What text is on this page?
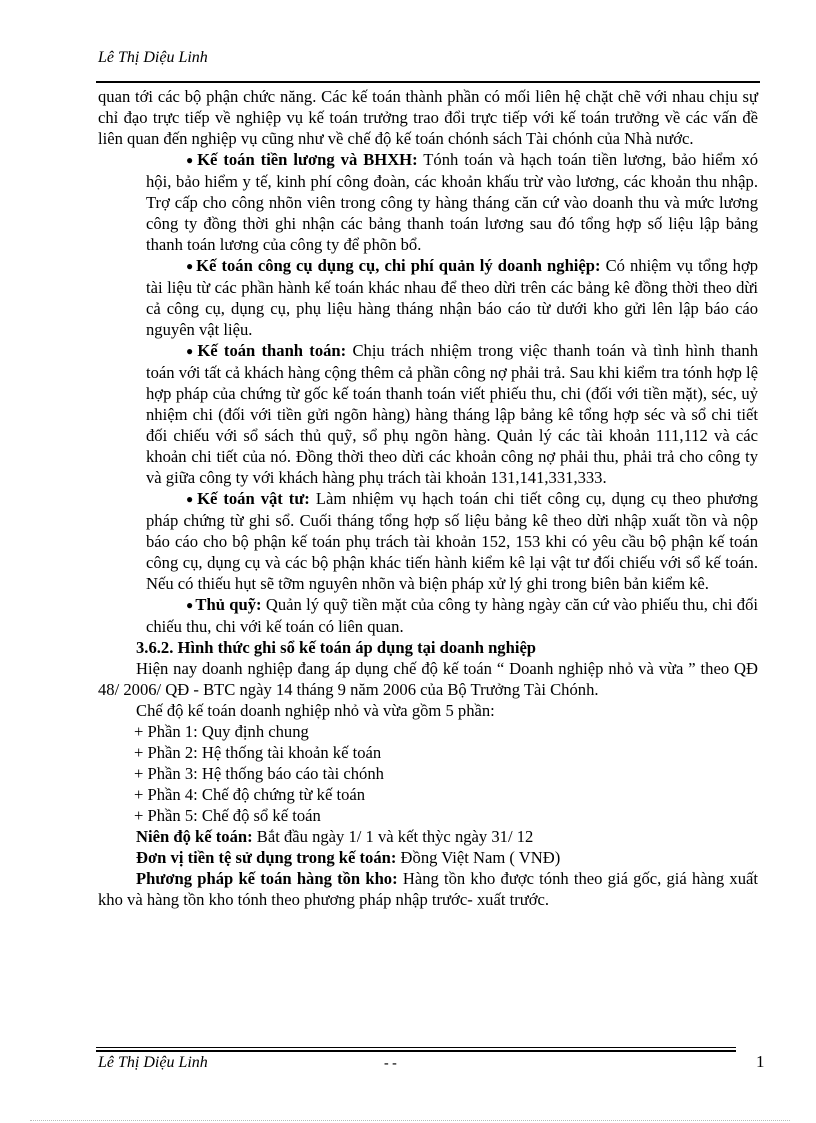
Lê Thị Diệu Linh

quan tới các bộ phận chức năng. Các kế toán thành phần có mối liên hệ chặt chẽ với nhau chịu sự chỉ đạo trực tiếp về nghiệp vụ kế toán trưởng trao đổi trực tiếp với kế toán trưởng về các vấn đề liên quan đến nghiệp vụ cũng như về chế độ kế toán chónh sách Tài chónh của Nhà nước.

● Kế toán tiền lương và BHXH: Tónh toán và hạch toán tiền lương, bảo hiểm xó hội, bảo hiểm y tế, kinh phí công đoàn, các khoản khấu trừ vào lương, các khoản thu nhập. Trợ cấp cho công nhõn viên trong công ty hàng tháng căn cứ vào doanh thu và mức lương công ty đồng thời ghi nhận các bảng thanh toán lương sau đó tổng hợp số liệu lập bảng thanh toán lương của công ty để phõn bổ.

● Kế toán công cụ dụng cụ, chi phí quản lý doanh nghiệp: Có nhiệm vụ tổng hợp tài liệu từ các phần hành kế toán khác nhau để theo dừi trên các bảng kê đồng thời theo dừi cả công cụ, dụng cụ, phụ liệu hàng tháng nhận báo cáo từ dưới kho gửi lên lập báo cáo nguyên vật liệu.

● Kế toán thanh toán: Chịu trách nhiệm trong việc thanh toán và tình hình thanh toán với tất cả khách hàng cộng thêm cả phần công nợ phải trả. Sau khi kiểm tra tónh hợp lệ hợp pháp của chứng từ gốc kế toán thanh toán viết phiếu thu, chi (đối với tiền mặt), séc, uỷ nhiệm chi (đối với tiền gửi ngõn hàng) hàng tháng lập bảng kê tổng hợp séc và sổ chi tiết đối chiếu với sổ sách thủ quỹ, sổ phụ ngõn hàng. Quản lý các tài khoản 111,112 và các khoản chi tiết của nó. Đồng thời theo dừi các khoản công nợ phải thu, phải trả cho công ty và giữa công ty với khách hàng phụ trách tài khoản 131,141,331,333.

● Kế toán vật tư: Làm nhiệm vụ hạch toán chi tiết công cụ, dụng cụ theo phương pháp chứng từ ghi sổ. Cuối tháng tổng hợp số liệu bảng kê theo dừi nhập xuất tồn và nộp báo cáo cho bộ phận kế toán phụ trách tài khoản 152, 153 khi có yêu cầu bộ phận kế toán công cụ, dụng cụ và các bộ phận khác tiến hành kiểm kê lại vật tư đối chiếu với sổ kế toán. Nếu có thiếu hụt sẽ tỡm nguyên nhõn và biện pháp xử lý ghi trong biên bản kiểm kê.

● Thủ quỹ: Quản lý quỹ tiền mặt của công ty hàng ngày căn cứ vào phiếu thu, chi đối chiếu thu, chi với kế toán có liên quan.

3.6.2. Hình thức ghi sổ kế toán áp dụng tại doanh nghiệp

Hiện nay doanh nghiệp đang áp dụng chế độ kế toán “ Doanh nghiệp nhỏ và vừa ” theo QĐ 48/ 2006/ QĐ - BTC ngày 14 tháng 9 năm 2006 của Bộ Trưởng Tài Chónh.

Chế độ kế toán doanh nghiệp nhỏ và vừa gồm 5 phần:

+ Phần 1: Quy định chung

+ Phần 2: Hệ thống tài khoản kế toán

+ Phần 3: Hệ thống báo cáo tài chónh

+ Phần 4: Chế độ chứng từ kế toán

+ Phần 5: Chế độ sổ kế toán

Niên độ kế toán: Bắt đầu ngày 1/ 1 và kết thỳc ngày 31/ 12

Đơn vị tiền tệ sử dụng trong kế toán: Đồng Việt Nam ( VNĐ)

Phương pháp kế toán hàng tồn kho: Hàng tồn kho được tónh theo giá gốc, giá hàng xuất kho và hàng tồn kho tónh theo phương pháp nhập trước- xuất trước.

Lê Thị Diệu Linh	- -	1
